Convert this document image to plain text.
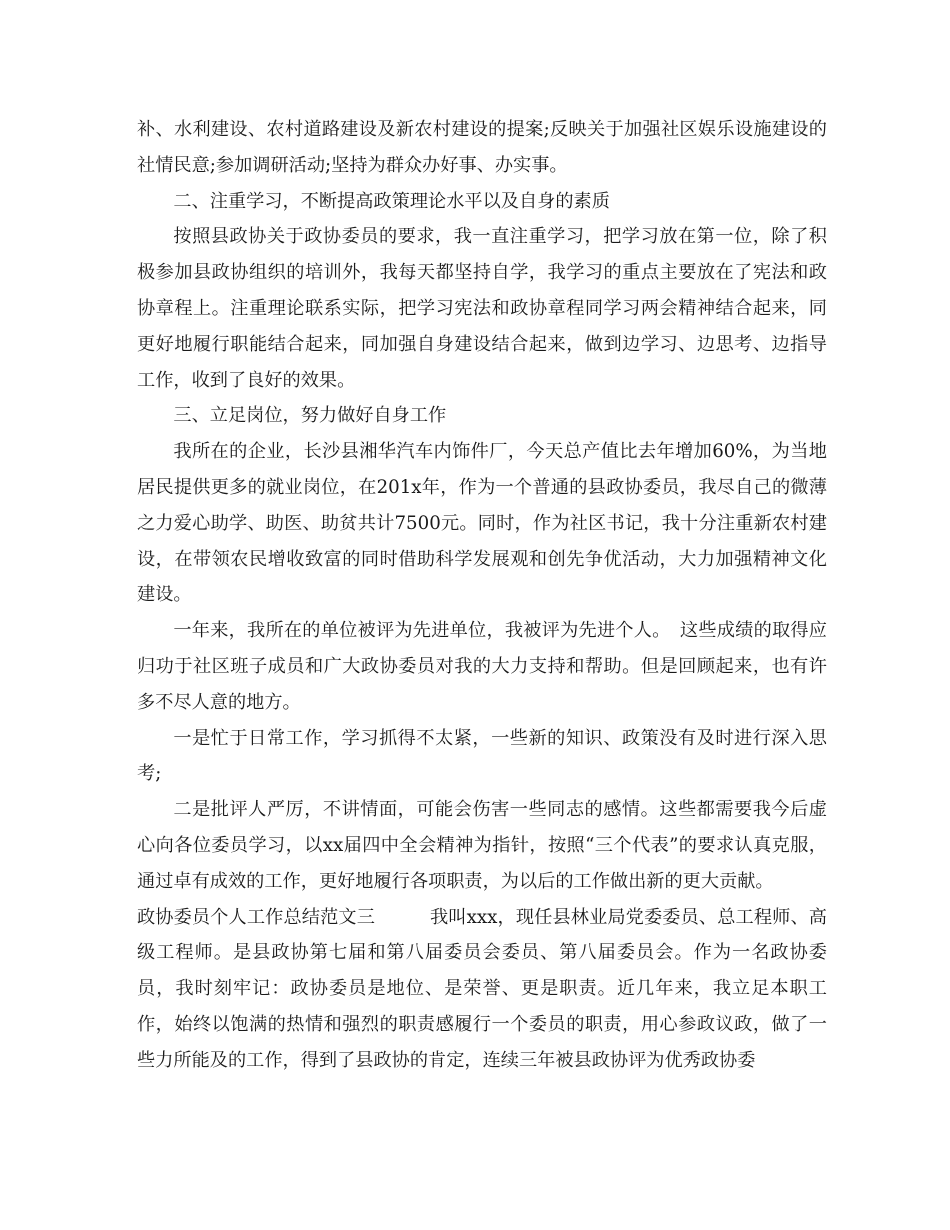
补、水利建设、农村道路建设及新农村建设的提案;反映关于加强社区娱乐设施建设的社情民意;参加调研活动;坚持为群众办好事、办实事。

二、注重学习，不断提高政策理论水平以及自身的素质

按照县政协关于政协委员的要求，我一直注重学习，把学习放在第一位，除了积极参加县政协组织的培训外，我每天都坚持自学，我学习的重点主要放在了宪法和政协章程上。注重理论联系实际，把学习宪法和政协章程同学习两会精神结合起来，同更好地履行职能结合起来，同加强自身建设结合起来，做到边学习、边思考、边指导工作，收到了良好的效果。

三、立足岗位，努力做好自身工作

我所在的企业，长沙县湘华汽车内饰件厂，今天总产值比去年增加60%，为当地居民提供更多的就业岗位，在201x年，作为一个普通的县政协委员，我尽自己的微薄之力爱心助学、助医、助贫共计7500元。同时，作为社区书记，我十分注重新农村建设，在带领农民增收致富的同时借助科学发展观和创先争优活动，大力加强精神文化建设。

一年来，我所在的单位被评为先进单位，我被评为先进个人。　这些成绩的取得应归功于社区班子成员和广大政协委员对我的大力支持和帮助。但是回顾起来，也有许多不尽人意的地方。

一是忙于日常工作，学习抓得不太紧，一些新的知识、政策没有及时进行深入思考;

二是批评人严厉，不讲情面，可能会伤害一些同志的感情。这些都需要我今后虚心向各位委员学习，以xx届四中全会精神为指针，按照“三个代表”的要求认真克服，通过卓有成效的工作，更好地履行各项职责，为以后的工作做出新的更大贡献。

政协委员个人工作总结范文三　　　我叫xxx，现任县林业局党委委员、总工程师、高级工程师。是县政协第七届和第八届委员会委员、第八届委员会。作为一名政协委员，我时刻牢记：政协委员是地位、是荣誉、更是职责。近几年来，我立足本职工作，始终以饱满的热情和强烈的职责感履行一个委员的职责，用心参政议政，做了一些力所能及的工作，得到了县政协的肯定，连续三年被县政协评为优秀政协委
